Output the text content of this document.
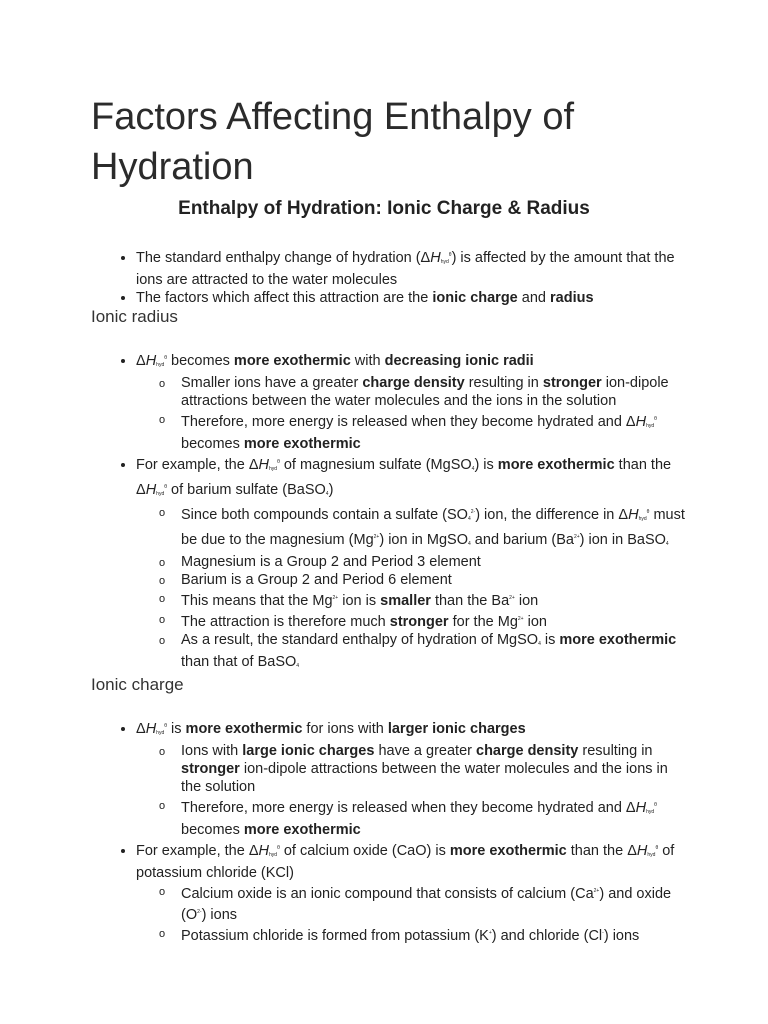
Factors Affecting Enthalpy of Hydration
Enthalpy of Hydration: Ionic Charge & Radius
• The standard enthalpy change of hydration $(\Delta H_{hyd}^\theta)$ is affected by the amount that the ions are attracted to the water molecules
• The factors which affect this attraction are the ionic charge and radius
Ionic radius
• $\Delta H_{hyd}^\theta$ becomes more exothermic with decreasing ionic radii
o Smaller ions have a greater charge density resulting in stronger ion-dipole attractions between the water molecules and the ions in the solution
o Therefore, more energy is released when they become hydrated and $\Delta H_{hyd}^\theta$ becomes more exothermic
• For example, the $\Delta H_{hyd}^\theta$ of magnesium sulfate (MgSO$_4$) is more exothermic than the $\Delta H_{hyd}^\theta$ of barium sulfate (BaSO$_4$)
o Since both compounds contain a sulfate $(SO_4^{2-})$ ion, the difference in $\Delta H_{hyd}^\theta$ must be due to the magnesium $(Mg^{2+})$ ion in MgSO$_4$ and barium $(Ba^{2+})$ ion in BaSO$_4$
o Magnesium is a Group 2 and Period 3 element
o Barium is a Group 2 and Period 6 element
o This means that the $Mg^{2+}$ ion is smaller than the $Ba^{2+}$ ion
o The attraction is therefore much stronger for the $Mg^{2+}$ ion
o As a result, the standard enthalpy of hydration of MgSO$_4$ is more exothermic than that of BaSO$_4$
Ionic charge
• $\Delta H_{hyd}^\theta$ is more exothermic for ions with larger ionic charges
o Ions with large ionic charges have a greater charge density resulting in stronger ion-dipole attractions between the water molecules and the ions in the solution
o Therefore, more energy is released when they become hydrated and $\Delta H_{hyd}^\theta$ becomes more exothermic
• For example, the $\Delta H_{hyd}^\theta$ of calcium oxide (CaO) is more exothermic than the $\Delta H_{hyd}^\theta$ of potassium chloride (KCl)
o Calcium oxide is an ionic compound that consists of calcium $(Ca^{2+})$ and oxide $(O^{2-})$ ions
o Potassium chloride is formed from potassium (K+) and chloride (Cl-) ions
